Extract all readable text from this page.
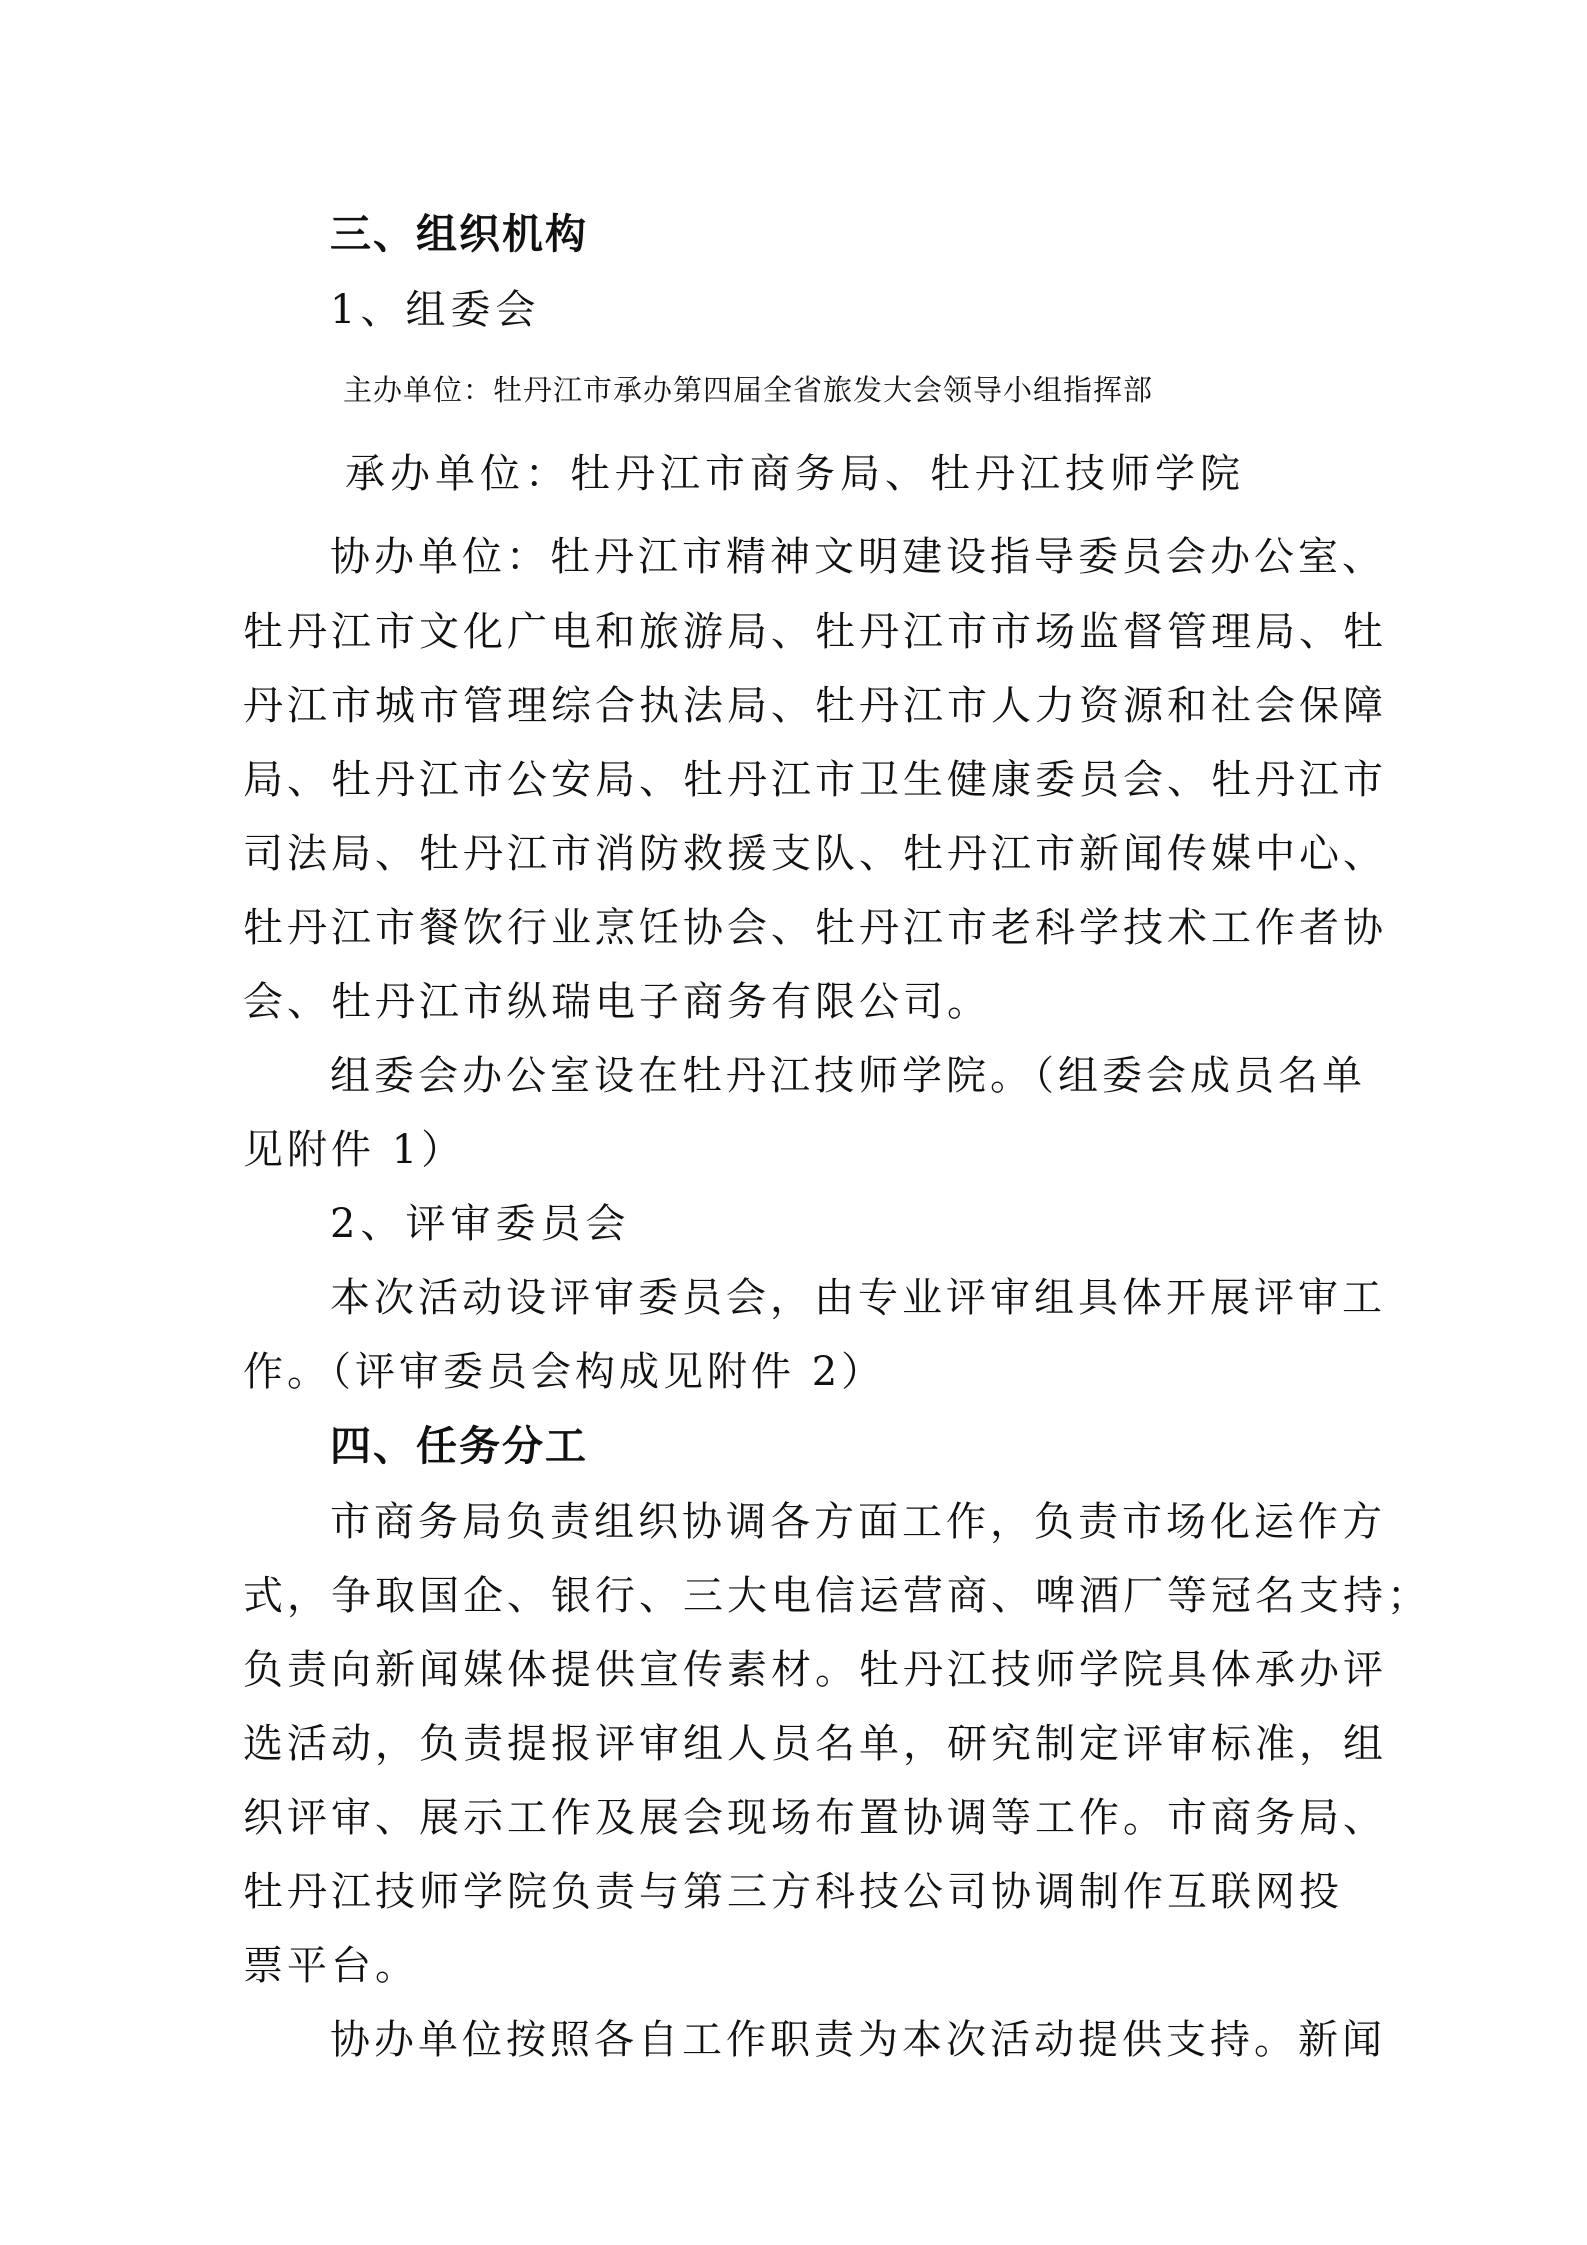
三、组织机构
1、组委会
主办单位：牡丹江市承办第四届全省旅发大会领导小组指挥部
承办单位：牡丹江市商务局、牡丹江技师学院
协办单位：牡丹江市精神文明建设指导委员会办公室、
牡丹江市文化广电和旅游局、牡丹江市市场监督管理局、牡
丹江市城市管理综合执法局、牡丹江市人力资源和社会保障
局、牡丹江市公安局、牡丹江市卫生健康委员会、牡丹江市
司法局、牡丹江市消防救援支队、牡丹江市新闻传媒中心、
牡丹江市餐饮行业烹饪协会、牡丹江市老科学技术工作者协
会、牡丹江市纵瑞电子商务有限公司。
组委会办公室设在牡丹江技师学院。（组委会成员名单
见附件 1）
2、评审委员会
本次活动设评审委员会，由专业评审组具体开展评审工
作。（评审委员会构成见附件 2）
四、任务分工
市商务局负责组织协调各方面工作，负责市场化运作方
式，争取国企、银行、三大电信运营商、啤酒厂等冠名支持；
负责向新闻媒体提供宣传素材。牡丹江技师学院具体承办评
选活动，负责提报评审组人员名单，研究制定评审标准，组
织评审、展示工作及展会现场布置协调等工作。市商务局、
牡丹江技师学院负责与第三方科技公司协调制作互联网投
票平台。
协办单位按照各自工作职责为本次活动提供支持。新闻
